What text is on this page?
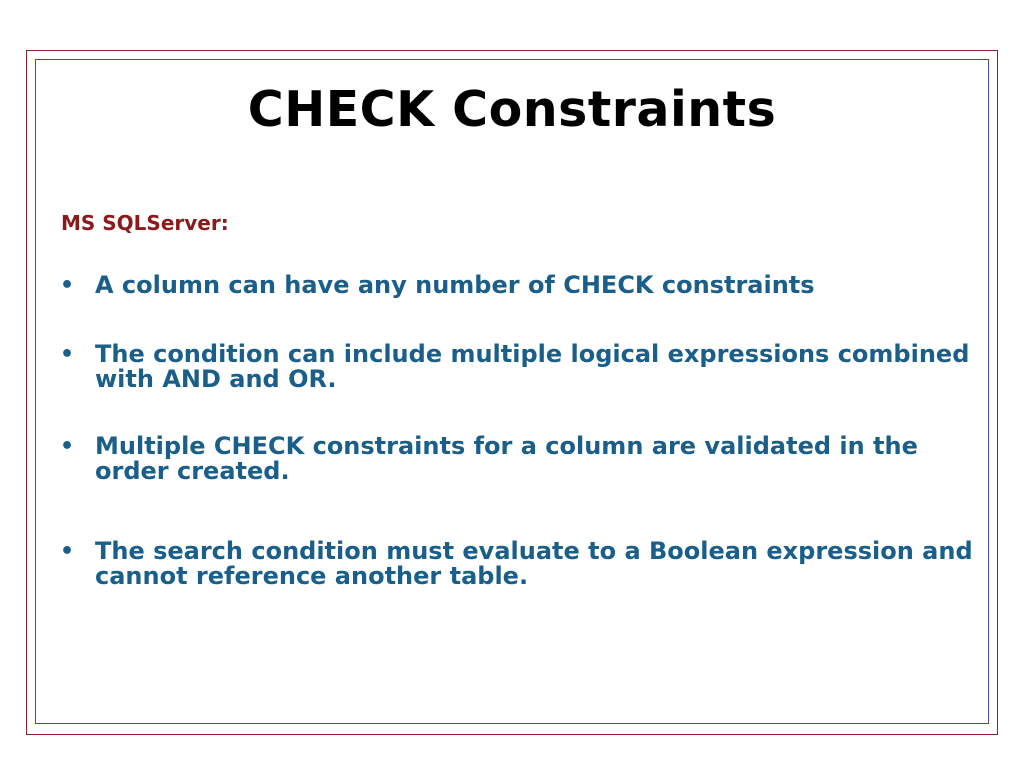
CHECK Constraints
MS SQLServer:
• A column can have any number of CHECK constraints
• The condition can include multiple logical expressions combined with AND and OR.
• Multiple CHECK constraints for a column are validated in the order created.
• The search condition must evaluate to a Boolean expression and cannot reference another table.
